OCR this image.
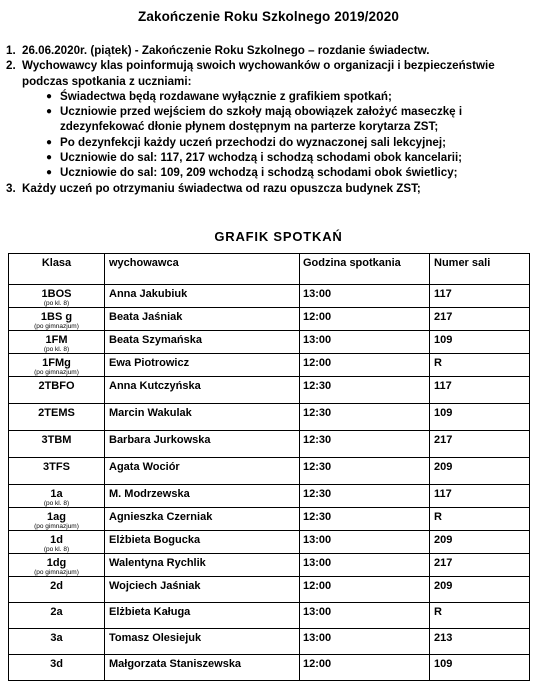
Zakończenie Roku Szkolnego 2019/2020
1. 26.06.2020r. (piątek) - Zakończenie Roku Szkolnego – rozdanie świadectw.
2. Wychowawcy klas poinformują swoich wychowanków o organizacji i bezpieczeństwie podczas spotkania z uczniami:
● Świadectwa będą rozdawane wyłącznie z grafikiem spotkań;
● Uczniowie przed wejściem do szkoły mają obowiązek założyć maseczkę i zdezynfekować dłonie płynem dostępnym na parterze korytarza ZST;
● Po dezynfekcji każdy uczeń przechodzi do wyznaczonej sali lekcyjnej;
● Uczniowie do sal: 117, 217 wchodzą i schodzą schodami obok kancelarii;
● Uczniowie do sal: 109, 209 wchodzą i schodzą schodami obok świetlicy;
3. Każdy uczeń po otrzymaniu świadectwa od razu opuszcza budynek ZST;
GRAFIK SPOTKAŃ
Klasa	wychowawca	Godzina spotkania	Numer sali

1BOS
(po kl. 8)	Anna Jakubiuk	13:00	117

1BS g
(po gimnazjum)	Beata Jaśniak	12:00	217

1FM
(po kl. 8)	Beata Szymańska	13:00	109

1FMg
(po gimnazjum)	Ewa Piotrowicz	12:00	R

2TBFO	Anna Kutczyńska	12:30	117

2TEMS	Marcin Wakulak	12:30	109

3TBM	Barbara Jurkowska	12:30	217

3TFS	Agata Wociór	12:30	209

1a
(po kl. 8)	M. Modrzewska	12:30	117

1ag
(po gimnazjum)	Agnieszka Czerniak	12:30	R

1d
(po kl. 8)	Elżbieta Bogucka	13:00	209

1dg
(po gimnazjum)	Walentyna Rychlik	13:00	217

2d	Wojciech Jaśniak	12:00	209

2a	Elżbieta Kaługa	13:00	R

3a	Tomasz Olesiejuk	13:00	213

3d	Małgorzata Staniszewska	12:00	109
